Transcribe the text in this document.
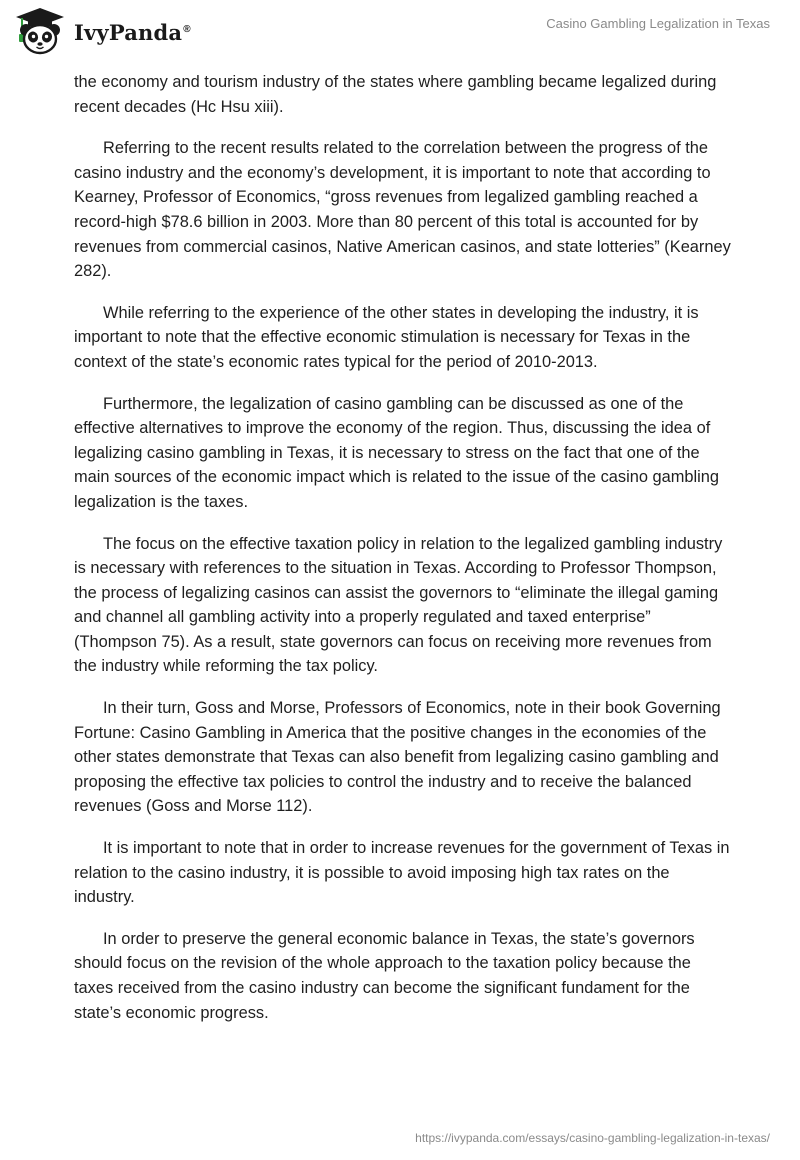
IvyPanda®	Casino Gambling Legalization in Texas

the economy and tourism industry of the states where gambling became legalized during recent decades (Hc Hsu xiii).

Referring to the recent results related to the correlation between the progress of the casino industry and the economy’s development, it is important to note that according to Kearney, Professor of Economics, “gross revenues from legalized gambling reached a record-high $78.6 billion in 2003. More than 80 percent of this total is accounted for by revenues from commercial casinos, Native American casinos, and state lotteries” (Kearney 282).

While referring to the experience of the other states in developing the industry, it is important to note that the effective economic stimulation is necessary for Texas in the context of the state’s economic rates typical for the period of 2010-2013.

Furthermore, the legalization of casino gambling can be discussed as one of the effective alternatives to improve the economy of the region. Thus, discussing the idea of legalizing casino gambling in Texas, it is necessary to stress on the fact that one of the main sources of the economic impact which is related to the issue of the casino gambling legalization is the taxes.

The focus on the effective taxation policy in relation to the legalized gambling industry is necessary with references to the situation in Texas. According to Professor Thompson, the process of legalizing casinos can assist the governors to “eliminate the illegal gaming and channel all gambling activity into a properly regulated and taxed enterprise” (Thompson 75). As a result, state governors can focus on receiving more revenues from the industry while reforming the tax policy.

In their turn, Goss and Morse, Professors of Economics, note in their book Governing Fortune: Casino Gambling in America that the positive changes in the economies of the other states demonstrate that Texas can also benefit from legalizing casino gambling and proposing the effective tax policies to control the industry and to receive the balanced revenues (Goss and Morse 112).

It is important to note that in order to increase revenues for the government of Texas in relation to the casino industry, it is possible to avoid imposing high tax rates on the industry.

In order to preserve the general economic balance in Texas, the state’s governors should focus on the revision of the whole approach to the taxation policy because the taxes received from the casino industry can become the significant fundament for the state’s economic progress.

https://ivypanda.com/essays/casino-gambling-legalization-in-texas/
